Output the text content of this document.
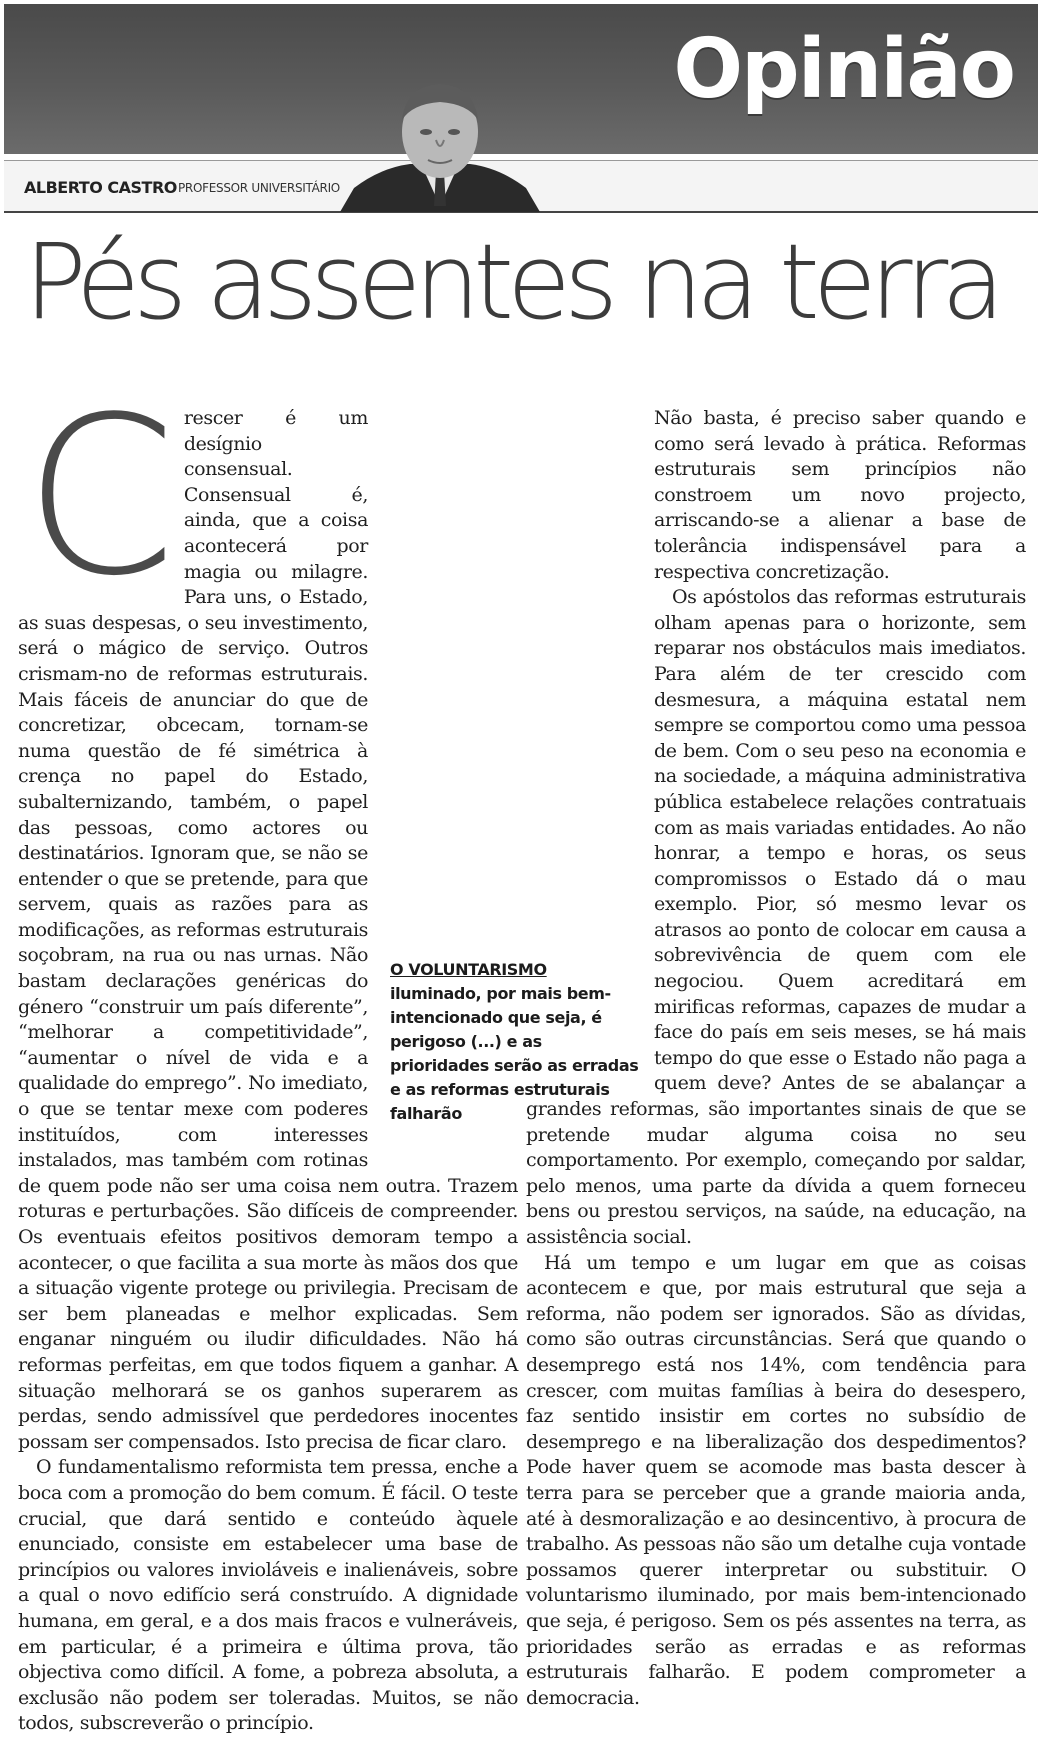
Opinião
ALBERTO CASTRO PROFESSOR UNIVERSITÁRIO
Pés assentes na terra
C rescer é um desígnio consensual. Consensual é, ainda, que a coisa acontecerá por magia ou milagre. Para uns, o Estado, as suas despesas, o seu investimento, será o mágico de serviço. Outros crismam-no de reformas estruturais. Mais fáceis de anunciar do que de concretizar, obcecam, tornam-se numa questão de fé simétrica à crença no papel do Estado, subalternizando, também, o papel das pessoas, como actores ou destinatários. Ignoram que, se não se entender o que se pretende, para que servem, quais as razões para as modificações, as reformas estruturais soçobram, na rua ou nas urnas. Não bastam declarações genéricas do género “construir um país diferente”, “melhorar a competitividade”, “aumentar o nível de vida e a qualidade do emprego”. No imediato, o que se tentar mexe com poderes instituídos, com interesses instalados, mas também com rotinas de quem pode não ser uma coisa nem outra. Trazem roturas e perturbações. São difíceis de compreender. Os eventuais efeitos positivos demoram tempo a acontecer, o que facilita a sua morte às mãos dos que a situação vigente protege ou privilegia. Precisam de ser bem planeadas e melhor explicadas. Sem enganar ninguém ou iludir dificuldades. Não há reformas perfeitas, em que todos fiquem a ganhar. A situação melhorará se os ganhos superarem as perdas, sendo admissível que perdedores inocentes possam ser compensados. Isto precisa de ficar claro.

O fundamentalismo reformista tem pressa, enche a boca com a promoção do bem comum. É fácil. O teste crucial, que dará sentido e conteúdo àquele enunciado, consiste em estabelecer uma base de princípios ou valores invioláveis e inalienáveis, sobre a qual o novo edifício será construído. A dignidade humana, em geral, e a dos mais fracos e vulneráveis, em particular, é a primeira e última prova, tão objectiva como difícil. A fome, a pobreza absoluta, a exclusão não podem ser toleradas. Muitos, se não todos, subscreverão o princípio.

Não basta, é preciso saber quando e como será levado à prática. Reformas estruturais sem princípios não constroem um novo projecto, arriscando-se a alienar a base de tolerância indispensável para a respectiva concretização.

Os apóstolos das reformas estruturais olham apenas para o horizonte, sem reparar nos obstáculos mais imediatos. Para além de ter crescido com desmesura, a máquina estatal nem sempre se comportou como uma pessoa de bem. Com o seu peso na economia e na sociedade, a máquina administrativa pública estabelece relações contratuais com as mais variadas entidades. Ao não honrar, a tempo e horas, os seus compromissos o Estado dá o mau exemplo. Pior, só mesmo levar os atrasos ao ponto de colocar em causa a sobrevivência de quem com ele negociou. Quem acreditará em mirificas reformas, capazes de mudar a face do país em seis meses, se há mais tempo do que esse o Estado não paga a quem deve? Antes de se abalançar a grandes reformas, são importantes sinais de que se pretende mudar alguma coisa no seu comportamento. Por exemplo, começando por saldar, pelo menos, uma parte da dívida a quem forneceu bens ou prestou serviços, na saúde, na educação, na assistência social.

Há um tempo e um lugar em que as coisas acontecem e que, por mais estrutural que seja a reforma, não podem ser ignorados. São as dívidas, como são outras circunstâncias. Será que quando o desemprego está nos 14%, com tendência para crescer, com muitas famílias à beira do desespero, faz sentido insistir em cortes no subsídio de desemprego e na liberalização dos despedimentos? Pode haver quem se acomode mas basta descer à terra para se perceber que a grande maioria anda, até à desmoralização e ao desincentivo, à procura de trabalho. As pessoas não são um detalhe cuja vontade possamos querer interpretar ou substituir. O voluntarismo iluminado, por mais bem-intencionado que seja, é perigoso. Sem os pés assentes na terra, as prioridades serão as erradas e as reformas estruturais falharão. E podem comprometer a democracia.

O VOLUNTARISMO iluminado, por mais bem-intencionado que seja, é perigoso (...) e as prioridades serão as erradas e as reformas estruturais falharão
